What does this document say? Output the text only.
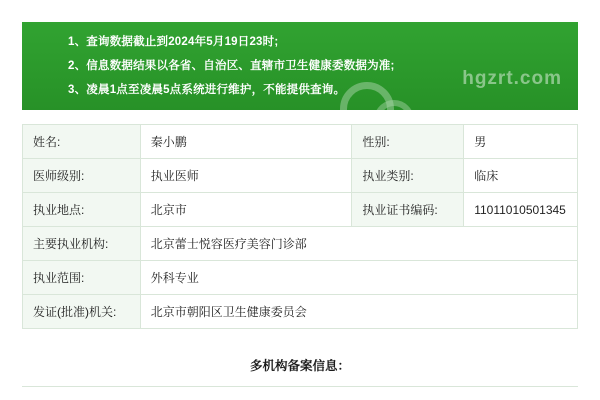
1、查询数据截止到2024年5月19日23时;
2、信息数据结果以各省、自治区、直辖市卫生健康委数据为准;
3、凌晨1点至凌晨5点系统进行维护，不能提供查询。
hgzrt.com
姓名:	秦小鹏	性别:	男
医师级别:	执业医师	执业类别:	临床
执业地点:	北京市	执业证书编码:	11011010501345
主要执业机构:	北京蕾士悦容医疗美容门诊部
执业范围:	外科专业
发证(批准)机关:	北京市朝阳区卫生健康委员会
多机构备案信息：
